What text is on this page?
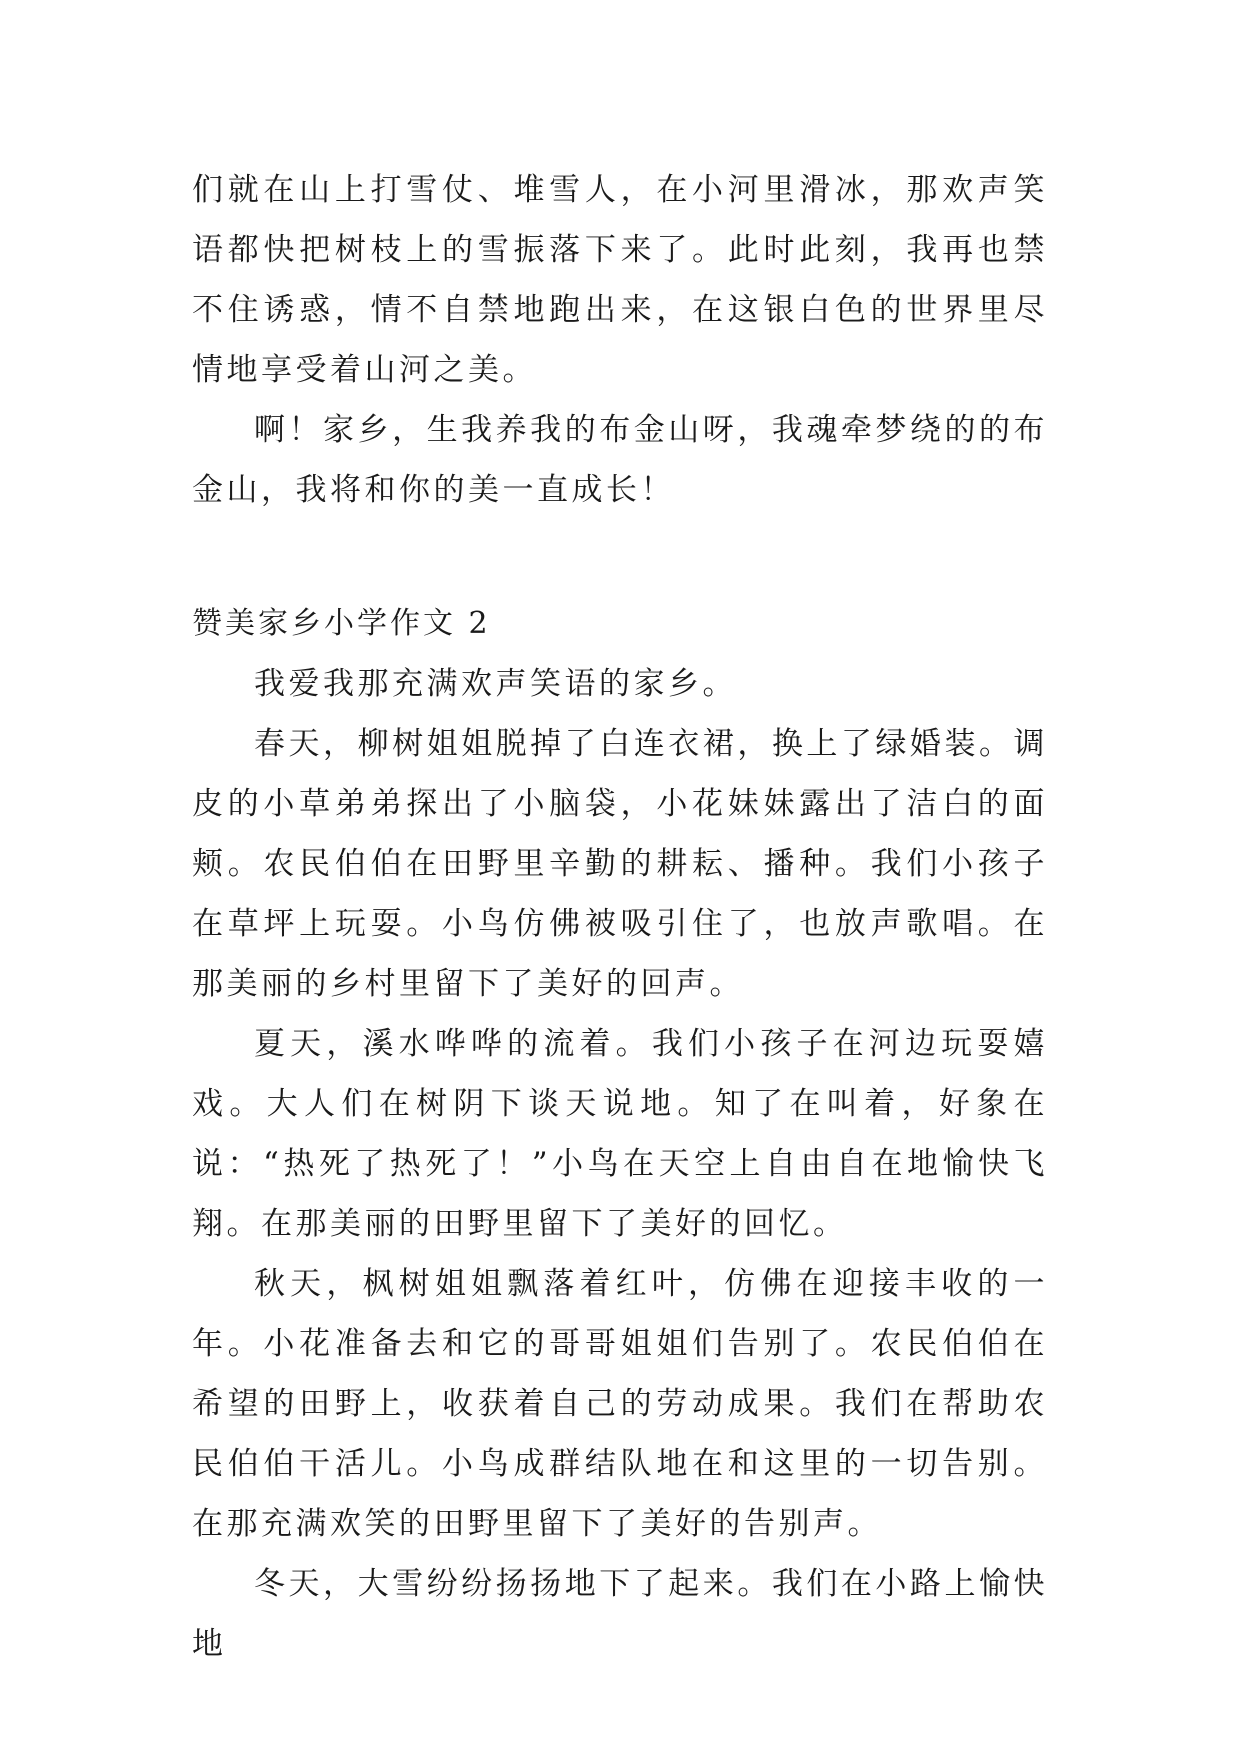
们就在山上打雪仗、堆雪人，在小河里滑冰，那欢声笑语都快把树枝上的雪振落下来了。此时此刻，我再也禁不住诱惑，情不自禁地跑出来，在这银白色的世界里尽情地享受着山河之美。

啊！家乡，生我养我的布金山呀，我魂牵梦绕的的布金山，我将和你的美一直成长！

赞美家乡小学作文 2

我爱我那充满欢声笑语的家乡。

春天，柳树姐姐脱掉了白连衣裙，换上了绿婚装。调皮的小草弟弟探出了小脑袋，小花妹妹露出了洁白的面颊。农民伯伯在田野里辛勤的耕耘、播种。我们小孩子在草坪上玩耍。小鸟仿佛被吸引住了，也放声歌唱。在那美丽的乡村里留下了美好的回声。

夏天，溪水哗哗的流着。我们小孩子在河边玩耍嬉戏。大人们在树阴下谈天说地。知了在叫着，好象在说：“热死了热死了！”小鸟在天空上自由自在地愉快飞翔。在那美丽的田野里留下了美好的回忆。

秋天，枫树姐姐飘落着红叶，仿佛在迎接丰收的一年。小花准备去和它的哥哥姐姐们告别了。农民伯伯在希望的田野上，收获着自己的劳动成果。我们在帮助农民伯伯干活儿。小鸟成群结队地在和这里的一切告别。在那充满欢笑的田野里留下了美好的告别声。

冬天，大雪纷纷扬扬地下了起来。我们在小路上愉快地
